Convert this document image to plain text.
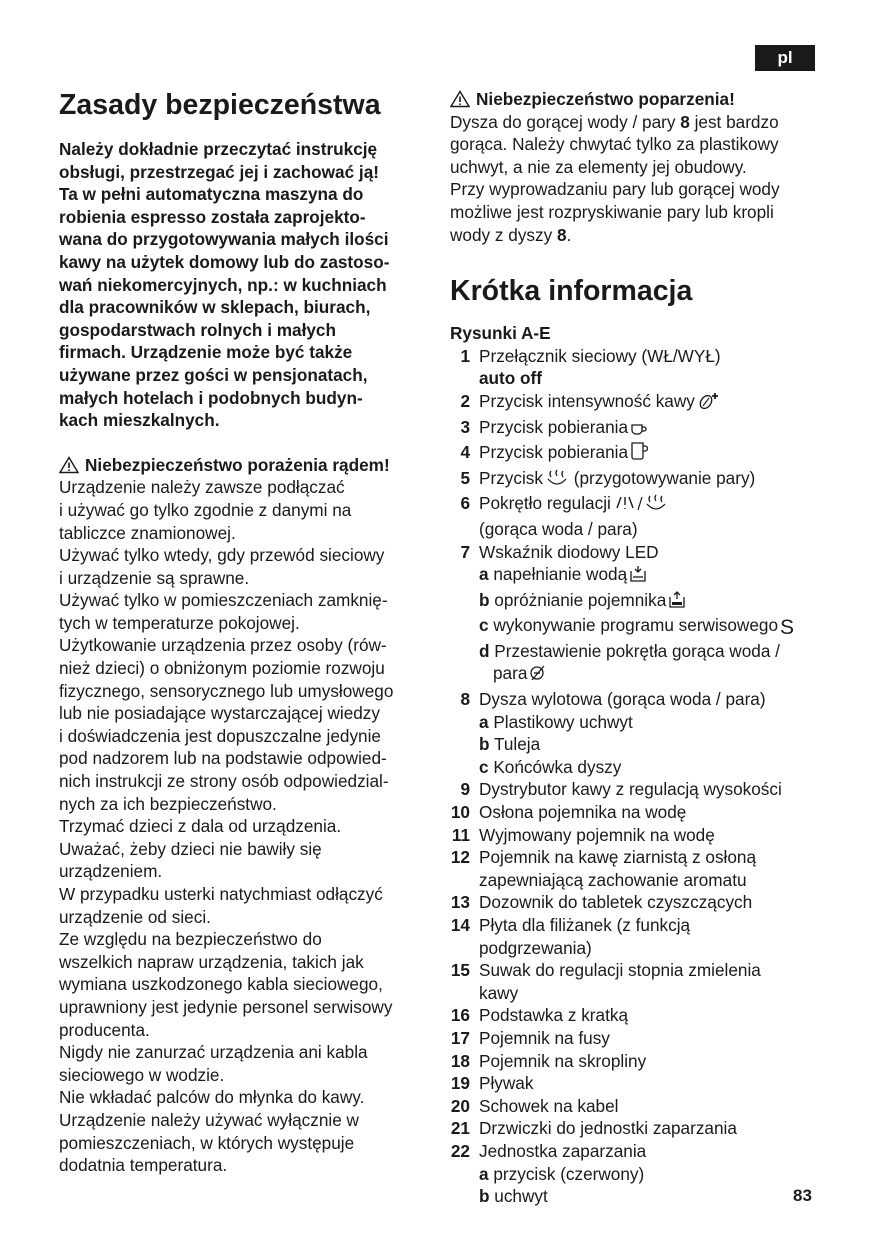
pl
Zasady bezpieczeństwa
Należy dokładnie przeczytać instrukcję
obsługi, przestrzegać jej i zachować ją!
Ta w pełni automatyczna maszyna do
robienia espresso została zaprojekto-
wana do przygotowywania małych ilości
kawy na użytek domowy lub do zastoso-
wań niekomercyjnych, np.: w kuchniach
dla pracowników w sklepach, biurach,
gospodarstwach rolnych i małych
firmach. Urządzenie może być także
używane przez gości w pensjonatach,
małych hotelach i podobnych budyn-
kach mieszkalnych.
Niebezpieczeństwo porażenia rądem!
Urządzenie należy zawsze podłączać
i używać go tylko zgodnie z danymi na
tabliczce znamionowej.
Używać tylko wtedy, gdy przewód sieciowy
i urządzenie są sprawne.
Używać tylko w pomieszczeniach zamknię-
tych w temperaturze pokojowej.
Użytkowanie urządzenia przez osoby (rów-
nież dzieci) o obniżonym poziomie rozwoju
fizycznego, sensorycznego lub umysłowego
lub nie posiadające wystarczającej wiedzy
i doświadczenia jest dopuszczalne jedynie
pod nadzorem lub na podstawie odpowied-
nich instrukcji ze strony osób odpowiedzial-
nych za ich bezpieczeństwo.
Trzymać dzieci z dala od urządzenia.
Uważać, żeby dzieci nie bawiły się
urządzeniem.
W przypadku usterki natychmiast odłączyć
urządzenie od sieci.
Ze względu na bezpieczeństwo do
wszelkich napraw urządzenia, takich jak
wymiana uszkodzonego kabla sieciowego,
uprawniony jest jedynie personel serwisowy
producenta.
Nigdy nie zanurzać urządzenia ani kabla
sieciowego w wodzie.
Nie wkładać palców do młynka do kawy.
Urządzenie należy używać wyłącznie w
pomieszczeniach, w których występuje
dodatnia temperatura.
Niebezpieczeństwo poparzenia!
Dysza do gorącej wody / pary 8 jest bardzo
gorąca. Należy chwytać tylko za plastikowy
uchwyt, a nie za elementy jej obudowy.
Przy wyprowadzaniu pary lub gorącej wody
możliwe jest rozpryskiwanie pary lub kropli
wody z dyszy 8.
Krótka informacja
Rysunki A-E
1 Przełącznik sieciowy (WŁ/WYŁ)
auto off
2 Przycisk intensywność kawy
3 Przycisk pobierania
4 Przycisk pobierania
5 Przycisk (przygotowywanie pary)
6 Pokrętło regulacji
(gorąca woda / para)
7 Wskaźnik diodowy LED
a napełnianie wodą
b opróżnianie pojemnika
c wykonywanie programu serwisowegoS
d Przestawienie pokrętła gorąca woda /
para
8 Dysza wylotowa (gorąca woda / para)
a Plastikowy uchwyt
b Tuleja
c Końcówka dyszy
9 Dystrybutor kawy z regulacją wysokości
10 Osłona pojemnika na wodę
11 Wyjmowany pojemnik na wodę
12 Pojemnik na kawę ziarnistą z osłoną
zapewniającą zachowanie aromatu
13 Dozownik do tabletek czyszczących
14 Płyta dla filiżanek (z funkcją
podgrzewania)
15 Suwak do regulacji stopnia zmielenia
kawy
16 Podstawka z kratką
17 Pojemnik na fusy
18 Pojemnik na skropliny
19 Pływak
20 Schowek na kabel
21 Drzwiczki do jednostki zaparzania
22 Jednostka zaparzania
a przycisk (czerwony)
b uchwyt	83
